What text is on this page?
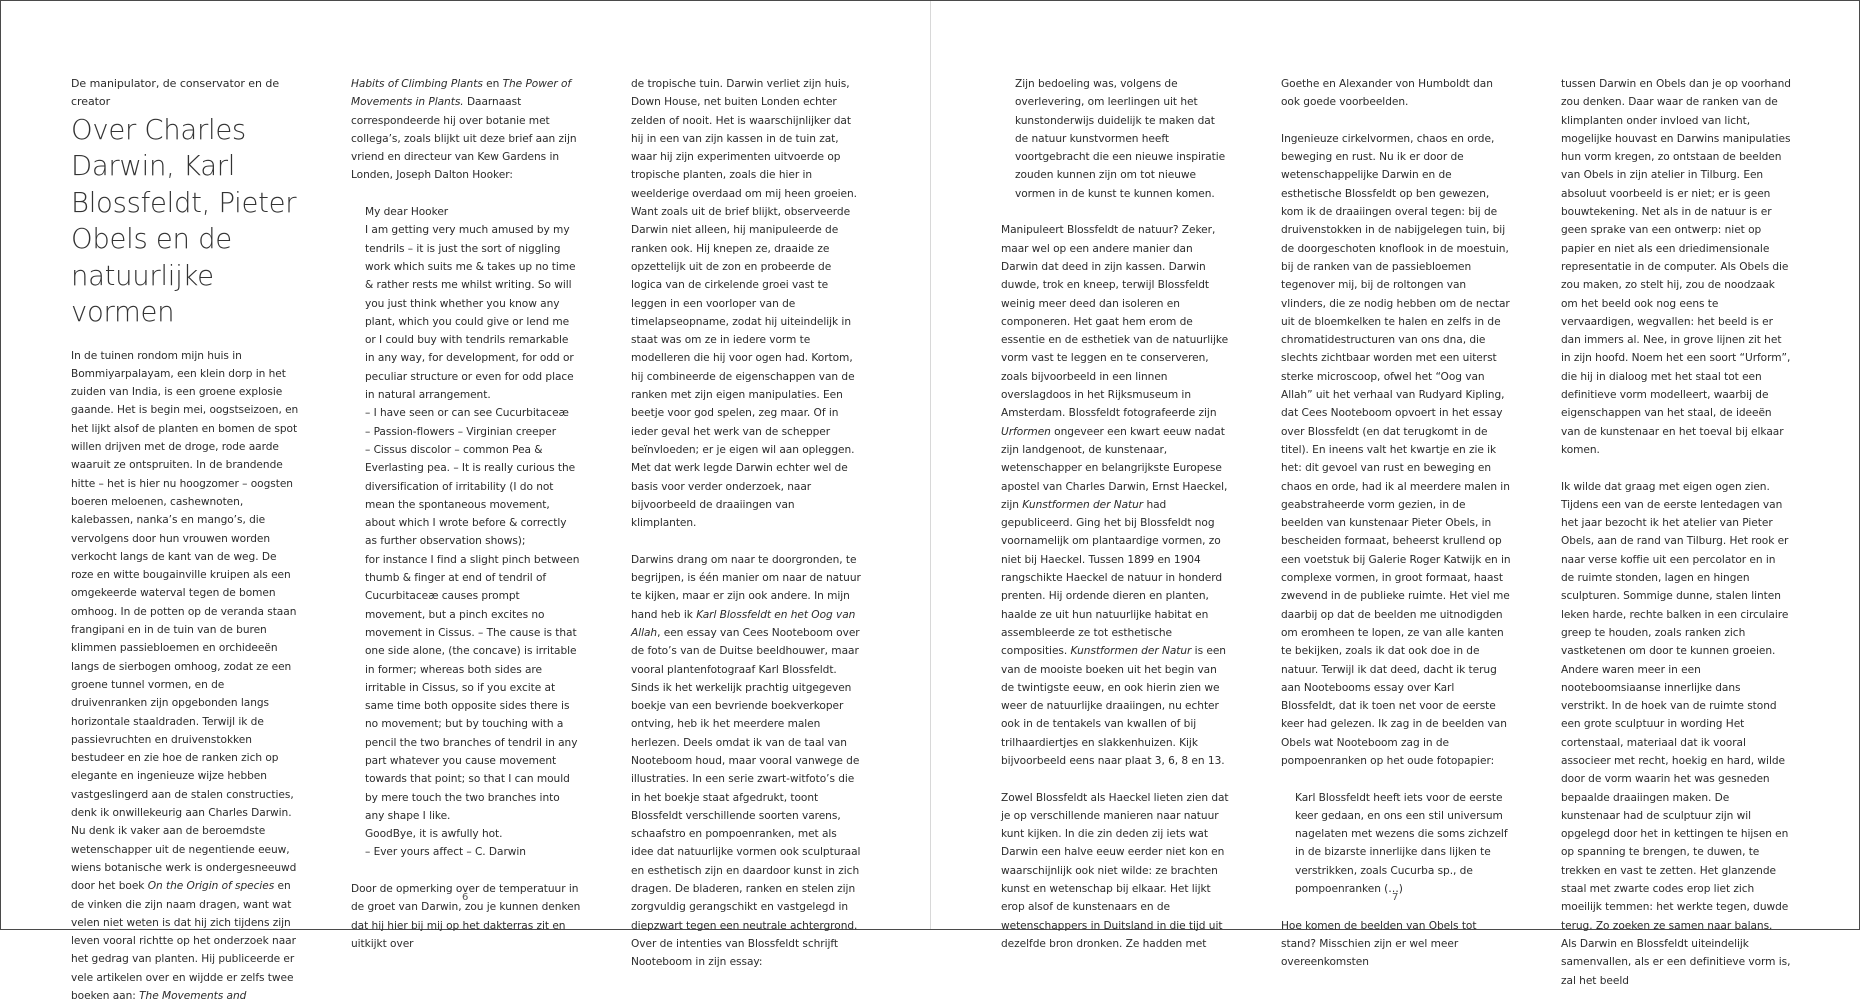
De manipulator, de conservator en de creator

Over Charles
Darwin, Karl
Blossfeldt, Pieter
Obels en de
natuurlijke vormen

In de tuinen rondom mijn huis in Bommiyarpalayam, een klein dorp in het zuiden van India, is een groene explosie gaande. Het is begin mei, oogstseizoen, en het lijkt alsof de planten en bomen de spot willen drijven met de droge, rode aarde waaruit ze ontspruiten. In de brandende hitte – het is hier nu hoogzomer – oogsten boeren meloenen, cashewnoten, kalebassen, nanka’s en mango’s, die vervolgens door hun vrouwen worden verkocht langs de kant van de weg. De roze en witte bougainville kruipen als een omgekeerde waterval tegen de bomen omhoog. In de potten op de veranda staan frangipani en in de tuin van de buren klimmen passiebloemen en orchideeën langs de sierbogen omhoog, zodat ze een groene tunnel vormen, en de druivenranken zijn opgebonden langs horizontale staaldraden. Terwijl ik de passievruchten en druivenstokken bestudeer en zie hoe de ranken zich op elegante en ingenieuze wijze hebben vastgeslingerd aan de stalen constructies, denk ik onwillekeurig aan Charles Darwin. Nu denk ik vaker aan de beroemdste wetenschapper uit de negentiende eeuw, wiens botanische werk is ondergesneeuwd door het boek On the Origin of species en de vinken die zijn naam dragen, want wat velen niet weten is dat hij zich tijdens zijn leven vooral richtte op het onderzoek naar het gedrag van planten. Hij publiceerde er vele artikelen over en wijdde er zelfs twee boeken aan: The Movements and

Habits of Climbing Plants en The Power of Movements in Plants. Daarnaast correspondeerde hij over botanie met collega’s, zoals blijkt uit deze brief aan zijn vriend en directeur van Kew Gardens in Londen, Joseph Dalton Hooker:

My dear Hooker

I am getting very much amused by my tendrils – it is just the sort of niggling work which suits me & takes up no time & rather rests me whilst writing. So will you just think whether you know any plant, which you could give or lend me or I could buy with tendrils remarkable in any way, for development, for odd or peculiar structure or even for odd place in natural arrangement.

– I have seen or can see Cucurbitaceæ

– Passion-flowers – Virginian creeper

– Cissus discolor – common Pea & Everlasting pea. – It is really curious the diversification of irritability (I do not mean the spontaneous movement, about which I wrote before & correctly as further observation shows);

for instance I find a slight pinch between thumb & finger at end of tendril of Cucurbitaceæ causes prompt movement, but a pinch excites no movement in Cissus. – The cause is that one side alone, (the concave) is irritable in former; whereas both sides are irritable in Cissus, so if you excite at same time both opposite sides there is no movement; but by touching with a pencil the two branches of tendril in any part whatever you cause movement towards that point; so that I can mould by mere touch the two branches into any shape I like.

GoodBye, it is awfully hot.

– Ever yours affect – C. Darwin

Door de opmerking over de temperatuur in de groet van Darwin, zou je kunnen denken dat hij hier bij mij op het dakterras zit en uitkijkt over

de tropische tuin. Darwin verliet zijn huis, Down House, net buiten Londen echter zelden of nooit. Het is waarschijnlijker dat hij in een van zijn kassen in de tuin zat, waar hij zijn experimenten uitvoerde op tropische planten, zoals die hier in weelderige overdaad om mij heen groeien. Want zoals uit de brief blijkt, observeerde Darwin niet alleen, hij manipuleerde de ranken ook. Hij knepen ze, draaide ze opzettelijk uit de zon en probeerde de logica van de cirkelende groei vast te leggen in een voorloper van de timelapseopname, zodat hij uiteindelijk in staat was om ze in iedere vorm te modelleren die hij voor ogen had. Kortom, hij combineerde de eigenschappen van de ranken met zijn eigen manipulaties. Een beetje voor god spelen, zeg maar. Of in ieder geval het werk van de schepper beïnvloeden; er je eigen wil aan opleggen. Met dat werk legde Darwin echter wel de basis voor verder onderzoek, naar bijvoorbeeld de draaiingen van klimplanten.

Darwins drang om naar te doorgronden, te begrijpen, is één manier om naar de natuur te kijken, maar er zijn ook andere. In mijn hand heb ik Karl Blossfeldt en het Oog van Allah, een essay van Cees Nooteboom over de foto’s van de Duitse beeldhouwer, maar vooral plantenfotograaf Karl Blossfeldt. Sinds ik het werkelijk prachtig uitgegeven boekje van een bevriende boekverkoper ontving, heb ik het meerdere malen herlezen. Deels omdat ik van de taal van Nooteboom houd, maar vooral vanwege de illustraties. In een serie zwart-witfoto’s die in het boekje staat afgedrukt, toont Blossfeldt verschillende soorten varens, schaafstro en pompoenranken, met als idee dat natuurlijke vormen ook sculpturaal en esthetisch zijn en daardoor kunst in zich dragen. De bladeren, ranken en stelen zijn zorgvuldig gerangschikt en vastgelegd in diepzwart tegen een neutrale achtergrond. Over de intenties van Blossfeldt schrijft Nooteboom in zijn essay:

Zijn bedoeling was, volgens de overlevering, om leerlingen uit het kunstonderwijs duidelijk te maken dat de natuur kunstvormen heeft voortgebracht die een nieuwe inspiratie zouden kunnen zijn om tot nieuwe vormen in de kunst te kunnen komen.

Manipuleert Blossfeldt de natuur? Zeker, maar wel op een andere manier dan Darwin dat deed in zijn kassen. Darwin duwde, trok en kneep, terwijl Blossfeldt weinig meer deed dan isoleren en componeren. Het gaat hem erom de essentie en de esthetiek van de natuurlijke vorm vast te leggen en te conserveren, zoals bijvoorbeeld in een linnen overslagdoos in het Rijksmuseum in Amsterdam. Blossfeldt fotografeerde zijn Urformen ongeveer een kwart eeuw nadat zijn landgenoot, de kunstenaar, wetenschapper en belangrijkste Europese apostel van Charles Darwin, Ernst Haeckel, zijn Kunstformen der Natur had gepubliceerd. Ging het bij Blossfeldt nog voornamelijk om plantaardige vormen, zo niet bij Haeckel. Tussen 1899 en 1904 rangschikte Haeckel de natuur in honderd prenten. Hij ordende dieren en planten, haalde ze uit hun natuurlijke habitat en assembleerde ze tot esthetische composities. Kunstformen der Natur is een van de mooiste boeken uit het begin van de twintigste eeuw, en ook hierin zien we weer de natuurlijke draaiingen, nu echter ook in de tentakels van kwallen of bij trilhaardiertjes en slakkenhuizen. Kijk bijvoorbeeld eens naar plaat 3, 6, 8 en 13.

Zowel Blossfeldt als Haeckel lieten zien dat je op verschillende manieren naar natuur kunt kijken. In die zin deden zij iets wat Darwin een halve eeuw eerder niet kon en waarschijnlijk ook niet wilde: ze brachten kunst en wetenschap bij elkaar. Het lijkt erop alsof de kunstenaars en de wetenschappers in Duitsland in die tijd uit dezelfde bron dronken. Ze hadden met

Goethe en Alexander von Humboldt dan ook goede voorbeelden.

Ingenieuze cirkelvormen, chaos en orde, beweging en rust. Nu ik er door de wetenschappelijke Darwin en de esthetische Blossfeldt op ben gewezen, kom ik de draaiingen overal tegen: bij de druivenstokken in de nabijgelegen tuin, bij de doorgeschoten knoflook in de moestuin, bij de ranken van de passiebloemen tegenover mij, bij de roltongen van vlinders, die ze nodig hebben om de nectar uit de bloemkelken te halen en zelfs in de chromatidestructuren van ons dna, die slechts zichtbaar worden met een uiterst sterke microscoop, ofwel het “Oog van Allah” uit het verhaal van Rudyard Kipling, dat Cees Nooteboom opvoert in het essay over Blossfeldt (en dat terugkomt in de titel). En ineens valt het kwartje en zie ik het: dit gevoel van rust en beweging en chaos en orde, had ik al meerdere malen in geabstraheerde vorm gezien, in de beelden van kunstenaar Pieter Obels, in bescheiden formaat, beheerst krullend op een voetstuk bij Galerie Roger Katwijk en in complexe vormen, in groot formaat, haast zwevend in de publieke ruimte. Het viel me daarbij op dat de beelden me uitnodigden om eromheen te lopen, ze van alle kanten te bekijken, zoals ik dat ook doe in de natuur. Terwijl ik dat deed, dacht ik terug aan Nootebooms essay over Karl Blossfeldt, dat ik toen net voor de eerste keer had gelezen. Ik zag in de beelden van Obels wat Nooteboom zag in de pompoenranken op het oude fotopapier:

Karl Blossfeldt heeft iets voor de eerste keer gedaan, en ons een stil universum nagelaten met wezens die soms zichzelf in de bizarste innerlijke dans lijken te verstrikken, zoals Cucurba sp., de pompoenranken (…)

Hoe komen de beelden van Obels tot stand? Misschien zijn er wel meer overeenkomsten

tussen Darwin en Obels dan je op voorhand zou denken. Daar waar de ranken van de klimplanten onder invloed van licht, mogelijke houvast en Darwins manipulaties hun vorm kregen, zo ontstaan de beelden van Obels in zijn atelier in Tilburg. Een absoluut voorbeeld is er niet; er is geen bouwtekening. Net als in de natuur is er geen sprake van een ontwerp: niet op papier en niet als een driedimensionale representatie in de computer. Als Obels die zou maken, zo stelt hij, zou de noodzaak om het beeld ook nog eens te vervaardigen, wegvallen: het beeld is er dan immers al. Nee, in grove lijnen zit het in zijn hoofd. Noem het een soort “Urform”, die hij in dialoog met het staal tot een definitieve vorm modelleert, waarbij de eigenschappen van het staal, de ideeën van de kunstenaar en het toeval bij elkaar komen.

Ik wilde dat graag met eigen ogen zien. Tijdens een van de eerste lentedagen van het jaar bezocht ik het atelier van Pieter Obels, aan de rand van Tilburg. Het rook er naar verse koffie uit een percolator en in de ruimte stonden, lagen en hingen sculpturen. Sommige dunne, stalen linten leken harde, rechte balken in een circulaire greep te houden, zoals ranken zich vastketenen om door te kunnen groeien. Andere waren meer in een nooteboomsiaanse innerlijke dans verstrikt. In de hoek van de ruimte stond een grote sculptuur in wording Het cortenstaal, materiaal dat ik vooral associeer met recht, hoekig en hard, wilde door de vorm waarin het was gesneden bepaalde draaiingen maken. De kunstenaar had de sculptuur zijn wil opgelegd door het in kettingen te hijsen en op spanning te brengen, te duwen, te trekken en vast te zetten. Het glanzende staal met zwarte codes erop liet zich moeilijk temmen: het werkte tegen, duwde terug. Zo zoeken ze samen naar balans. Als Darwin en Blossfeldt uiteindelijk samenvallen, als er een definitieve vorm is, zal het beeld

6	7
